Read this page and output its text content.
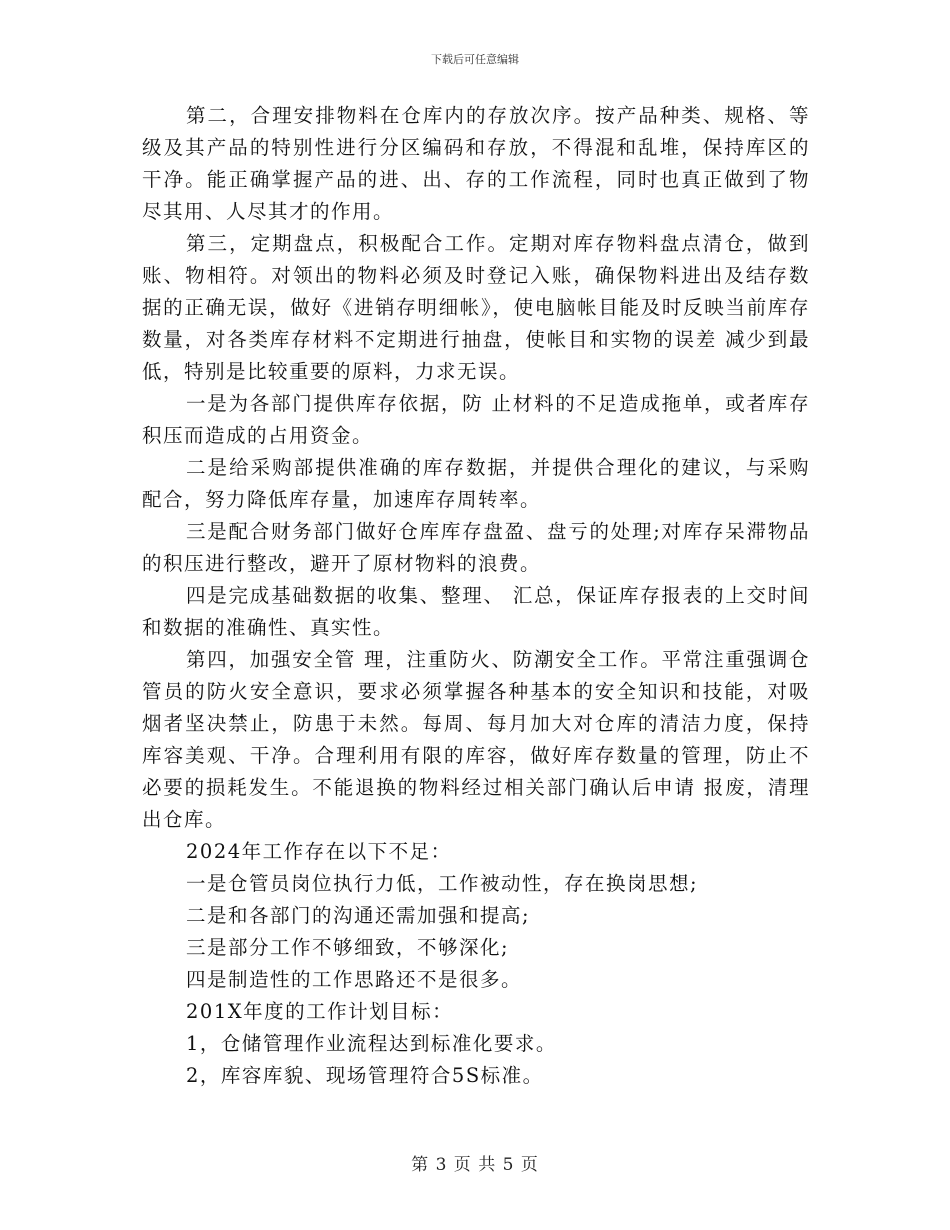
下载后可任意编辑

第二，合理安排物料在仓库内的存放次序。按产品种类、规格、等级及其产品的特别性进行分区编码和存放，不得混和乱堆，保持库区的干净。能正确掌握产品的进、出、存的工作流程，同时也真正做到了物尽其用、人尽其才的作用。

第三，定期盘点，积极配合工作。定期对库存物料盘点清仓，做到账、物相符。对领出的物料必须及时登记入账，确保物料进出及结存数据的正确无误，做好《进销存明细帐》，使电脑帐目能及时反映当前库存数量，对各类库存材料不定期进行抽盘，使帐目和实物的误差 减少到最低，特别是比较重要的原料，力求无误。

一是为各部门提供库存依据，防 止材料的不足造成拖单，或者库存积压而造成的占用资金。

二是给采购部提供准确的库存数据，并提供合理化的建议，与采购配合，努力降低库存量，加速库存周转率。

三是配合财务部门做好仓库库存盘盈、盘亏的处理;对库存呆滞物品的积压进行整改，避开了原材物料的浪费。

四是完成基础数据的收集、整理、 汇总，保证库存报表的上交时间和数据的准确性、真实性。

第四，加强安全管 理，注重防火、防潮安全工作。平常注重强调仓管员的防火安全意识，要求必须掌握各种基本的安全知识和技能，对吸烟者坚决禁止，防患于未然。每周、每月加大对仓库的清洁力度，保持库容美观、干净。合理利用有限的库容，做好库存数量的管理，防止不必要的损耗发生。不能退换的物料经过相关部门确认后申请 报废，清理出仓库。

2024年工作存在以下不足：

一是仓管员岗位执行力低，工作被动性，存在换岗思想;

二是和各部门的沟通还需加强和提高;

三是部分工作不够细致，不够深化;

四是制造性的工作思路还不是很多。

201X年度的工作计划目标：

1，仓储管理作业流程达到标准化要求。

2，库容库貌、现场管理符合5S标准。

第 3 页 共 5 页
